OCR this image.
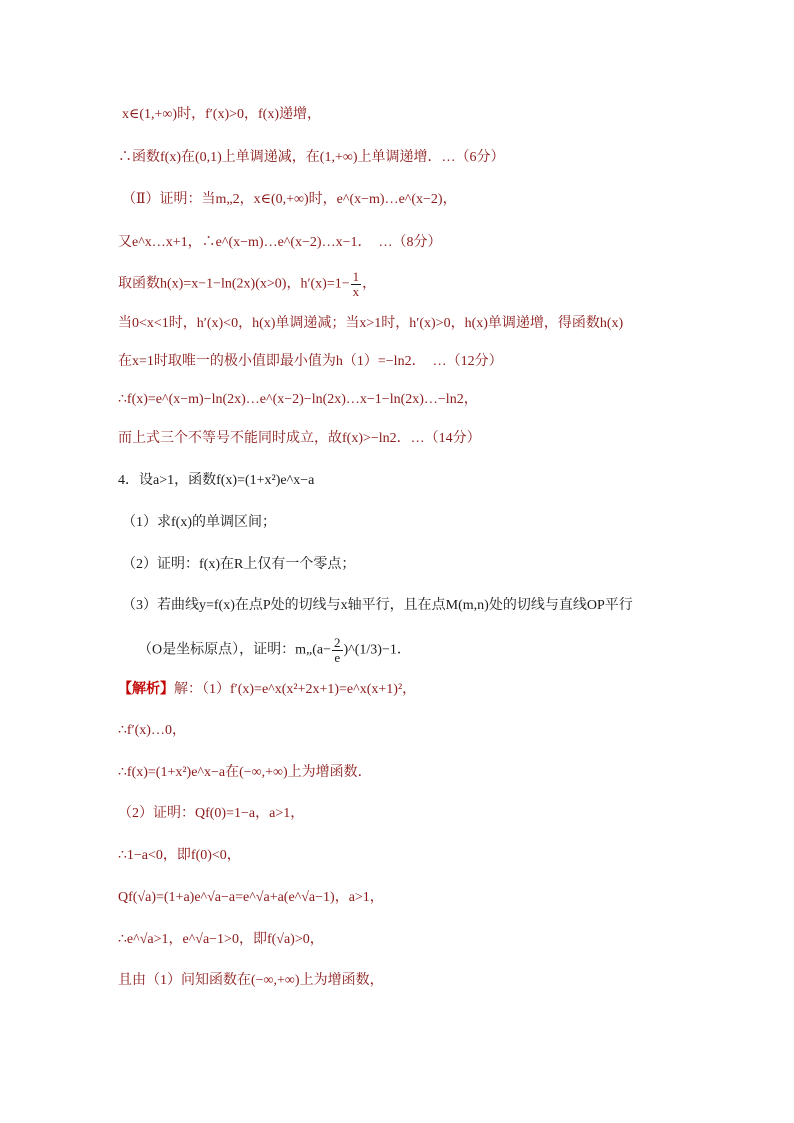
x∈(1,+∞)时，f′(x)>0，f(x)递增，
∴函数f(x)在(0,1)上单调递减，在(1,+∞)上单调递增．…（6分）
（Ⅱ）证明：当m„2，x∈(0,+∞)时，e^(x−m)…e^(x−2)，
又e^x…x+1，∴e^(x−m)…e^(x−2)…x−1．　…（8分）
取函数h(x)=x−1−ln(2x)(x>0)，$h'(x)=1- \frac{1}{x}$ ，
当0<x<1时，h′(x)<0，h(x)单调递减；当x>1时，h′(x)>0，h(x)单调递增，得函数h(x)
在x=1时取唯一的极小值即最小值为h（1）=−ln2．　…（12分）
∴f(x)=e^(x−m)−ln(2x)…e^(x−2)−ln(2x)…x−1−ln(2x)…−ln2，
而上式三个不等号不能同时成立，故f(x)>−ln2．…（14分）
4．设a>1，函数f(x)=(1+x²)e^x−a
（1）求f(x)的单调区间；
（2）证明：f(x)在R上仅有一个零点；
（3）若曲线y=f(x)在点P处的切线与x轴平行，且在点M(m,n)处的切线与直线OP平行
（O是坐标原点），证明：m„(a− $\frac{2}{e}$ )^(1/3)−1．
【解析】解：（1）f′(x)=e^x(x²+2x+1)=e^x(x+1)²，
∴f′(x)…0，
∴f(x)=(1+x²)e^x−a在(−∞,+∞)上为增函数．
（2）证明：Qf(0)=1−a，a>1，
∴1−a<0，即f(0)<0，
Qf(√a)=(1+a)e^√a−a=e^√a+a(e^√a−1)，a>1，
∴e^√a>1，e^√a−1>0，即f(√a)>0，
且由（1）问知函数在(−∞,+∞)上为增函数，
